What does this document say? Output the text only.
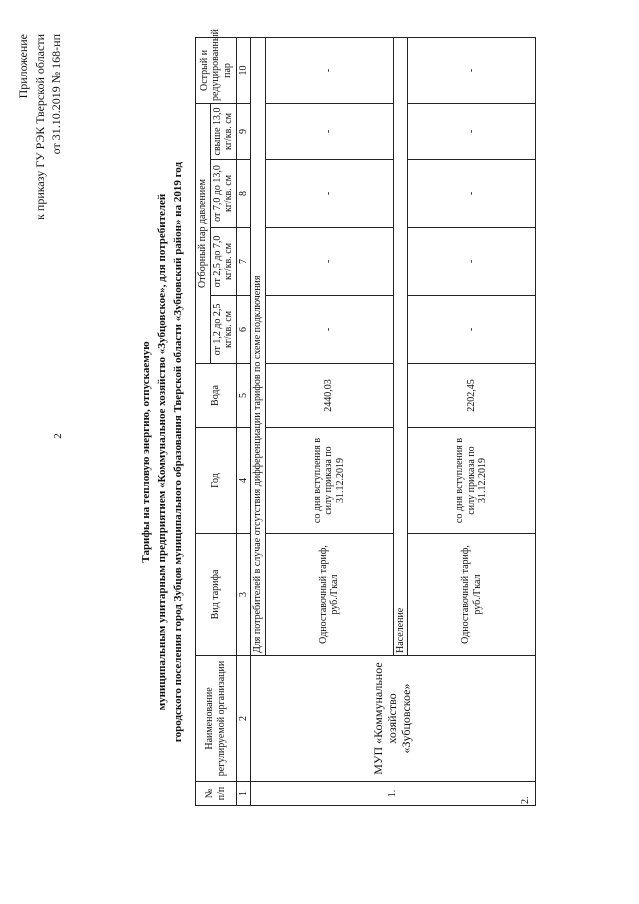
2
Приложение к приказу ГУ РЭК Тверской области от 31.10.2019 № 168-нп
Тарифы на тепловую энергию, отпускаемую муниципальным унитарным предприятием «Коммунальное хозяйство «Зубцовское», для потребителей городского поселения город Зубцов муниципального образования Тверской области «Зубцовский район» на 2019 год
№ п/п	Наименование регулируемой организации	Вид тарифа	Год	Вода	Отборный пар давлением				Острый и редуцированный пар
					от 1,2 до 2,5 кг/кв. см	от 2,5 до 7,0 кг/кв. см	от 7,0 до 13,0 кг/кв. см	свыше 13,0 кг/кв. см	
1	2	3	4	5	6	7	8	9	10
1.	МУП «Коммунальное хозяйство «Зубцовское»	Для потребителей в случае отсутствия дифференциации тарифов по схеме подключения							
		Одноставочный тариф, руб./Гкал	со дня вступления в силу приказа по 31.12.2019	2440,03	-	-	-	-	-
		Население							
		Одноставочный тариф, руб./Гкал	со дня вступления в силу приказа по 31.12.2019	2202,45	-	-	-	-	-
2.
